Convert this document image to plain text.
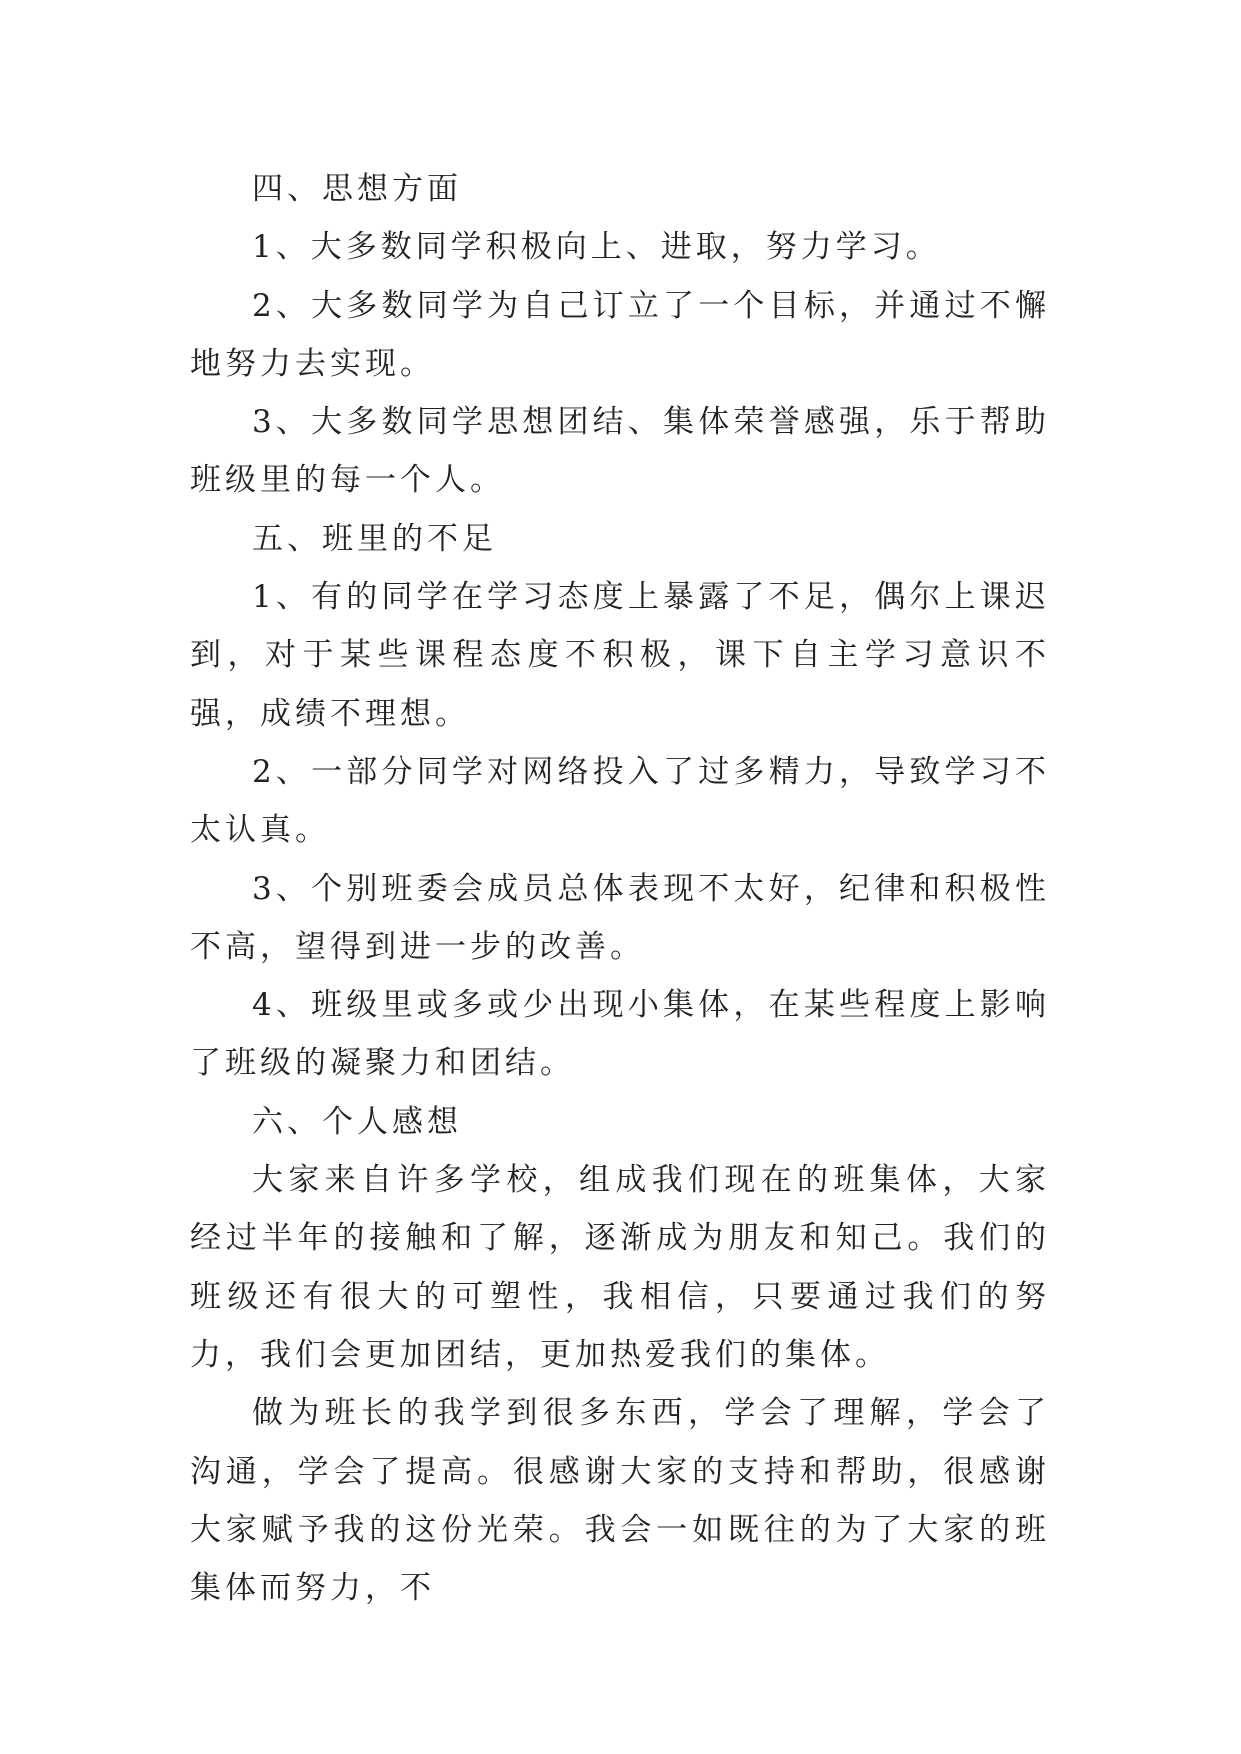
四、思想方面

1、大多数同学积极向上、进取，努力学习。

2、大多数同学为自己订立了一个目标，并通过不懈地努力去实现。

3、大多数同学思想团结、集体荣誉感强，乐于帮助班级里的每一个人。

五、班里的不足

1、有的同学在学习态度上暴露了不足，偶尔上课迟到，对于某些课程态度不积极，课下自主学习意识不强，成绩不理想。

2、一部分同学对网络投入了过多精力，导致学习不太认真。

3、个别班委会成员总体表现不太好，纪律和积极性不高，望得到进一步的改善。

4、班级里或多或少出现小集体，在某些程度上影响了班级的凝聚力和团结。

六、个人感想

大家来自许多学校，组成我们现在的班集体，大家经过半年的接触和了解，逐渐成为朋友和知己。我们的班级还有很大的可塑性，我相信，只要通过我们的努力，我们会更加团结，更加热爱我们的集体。

做为班长的我学到很多东西，学会了理解，学会了沟通，学会了提高。很感谢大家的支持和帮助，很感谢大家赋予我的这份光荣。我会一如既往的为了大家的班集体而努力，不
